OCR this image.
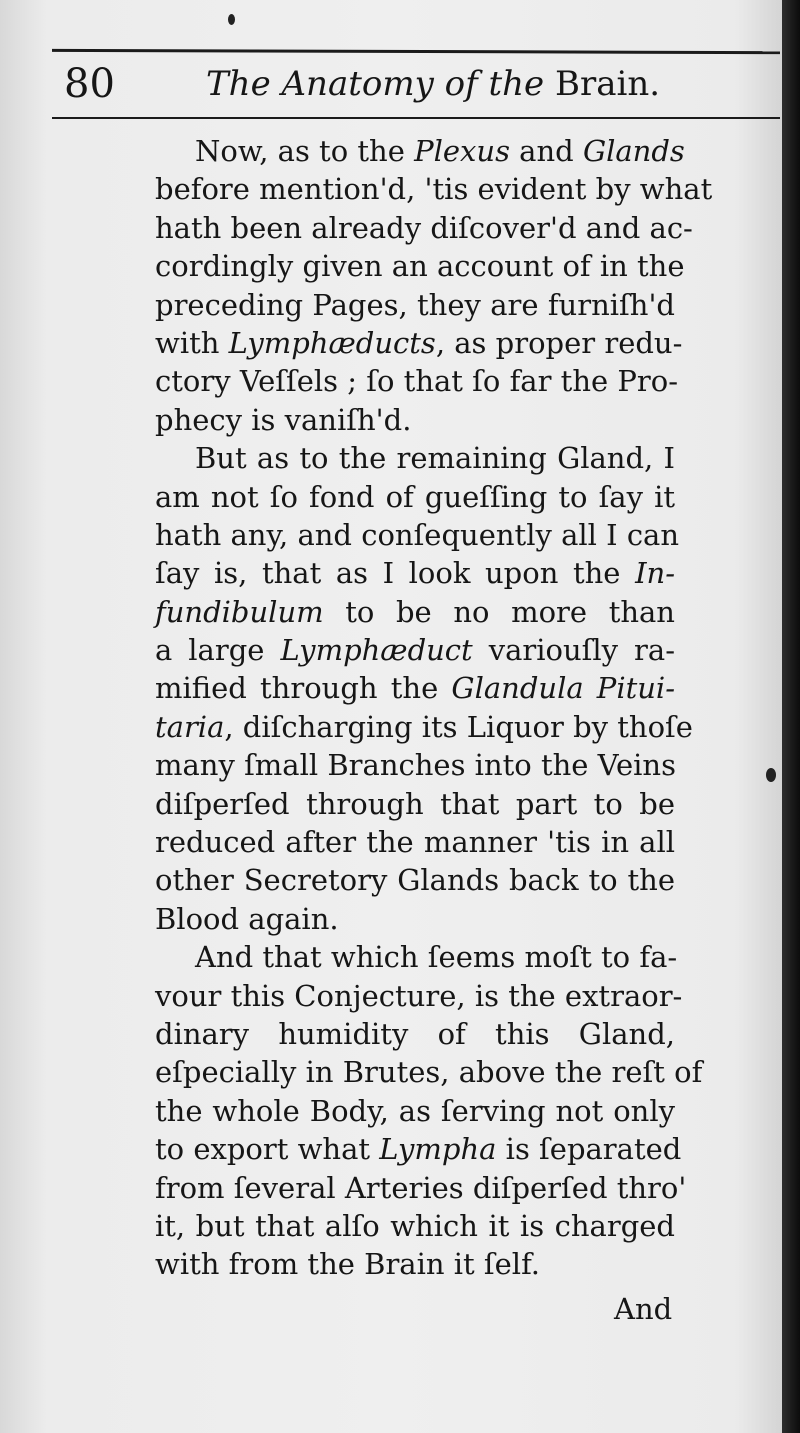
80	The Anatomy of the Brain.
Now, as to the Plexus and Glands
before mention'd, 'tis evident by what
hath been already diſcover'd and ac-
cordingly given an account of in the
preceding Pages, they are furniſh'd
with Lymphæducts, as proper redu-
ctory Veſſels ; ſo that ſo far the Pro-
phecy is vaniſh'd.
But as to the remaining Gland, I
am not ſo fond of gueſſing to ſay it
hath any, and conſequently all I can
ſay is, that as I look upon the In-
fundibulum to be no more than
a large Lymphæduct variouſly ra-
mified through the Glandula Pitui-
taria, diſcharging its Liquor by thoſe
many ſmall Branches into the Veins
diſperſed through that part to be
reduced after the manner 'tis in all
other Secretory Glands back to the
Blood again.
And that which ſeems moſt to fa-
vour this Conjecture, is the extraor-
dinary humidity of this Gland,
eſpecially in Brutes, above the reſt of
the whole Body, as ſerving not only
to export what Lympha is ſeparated
from ſeveral Arteries diſperſed thro'
it, but that alſo which it is charged
with from the Brain it ſelf.
And
